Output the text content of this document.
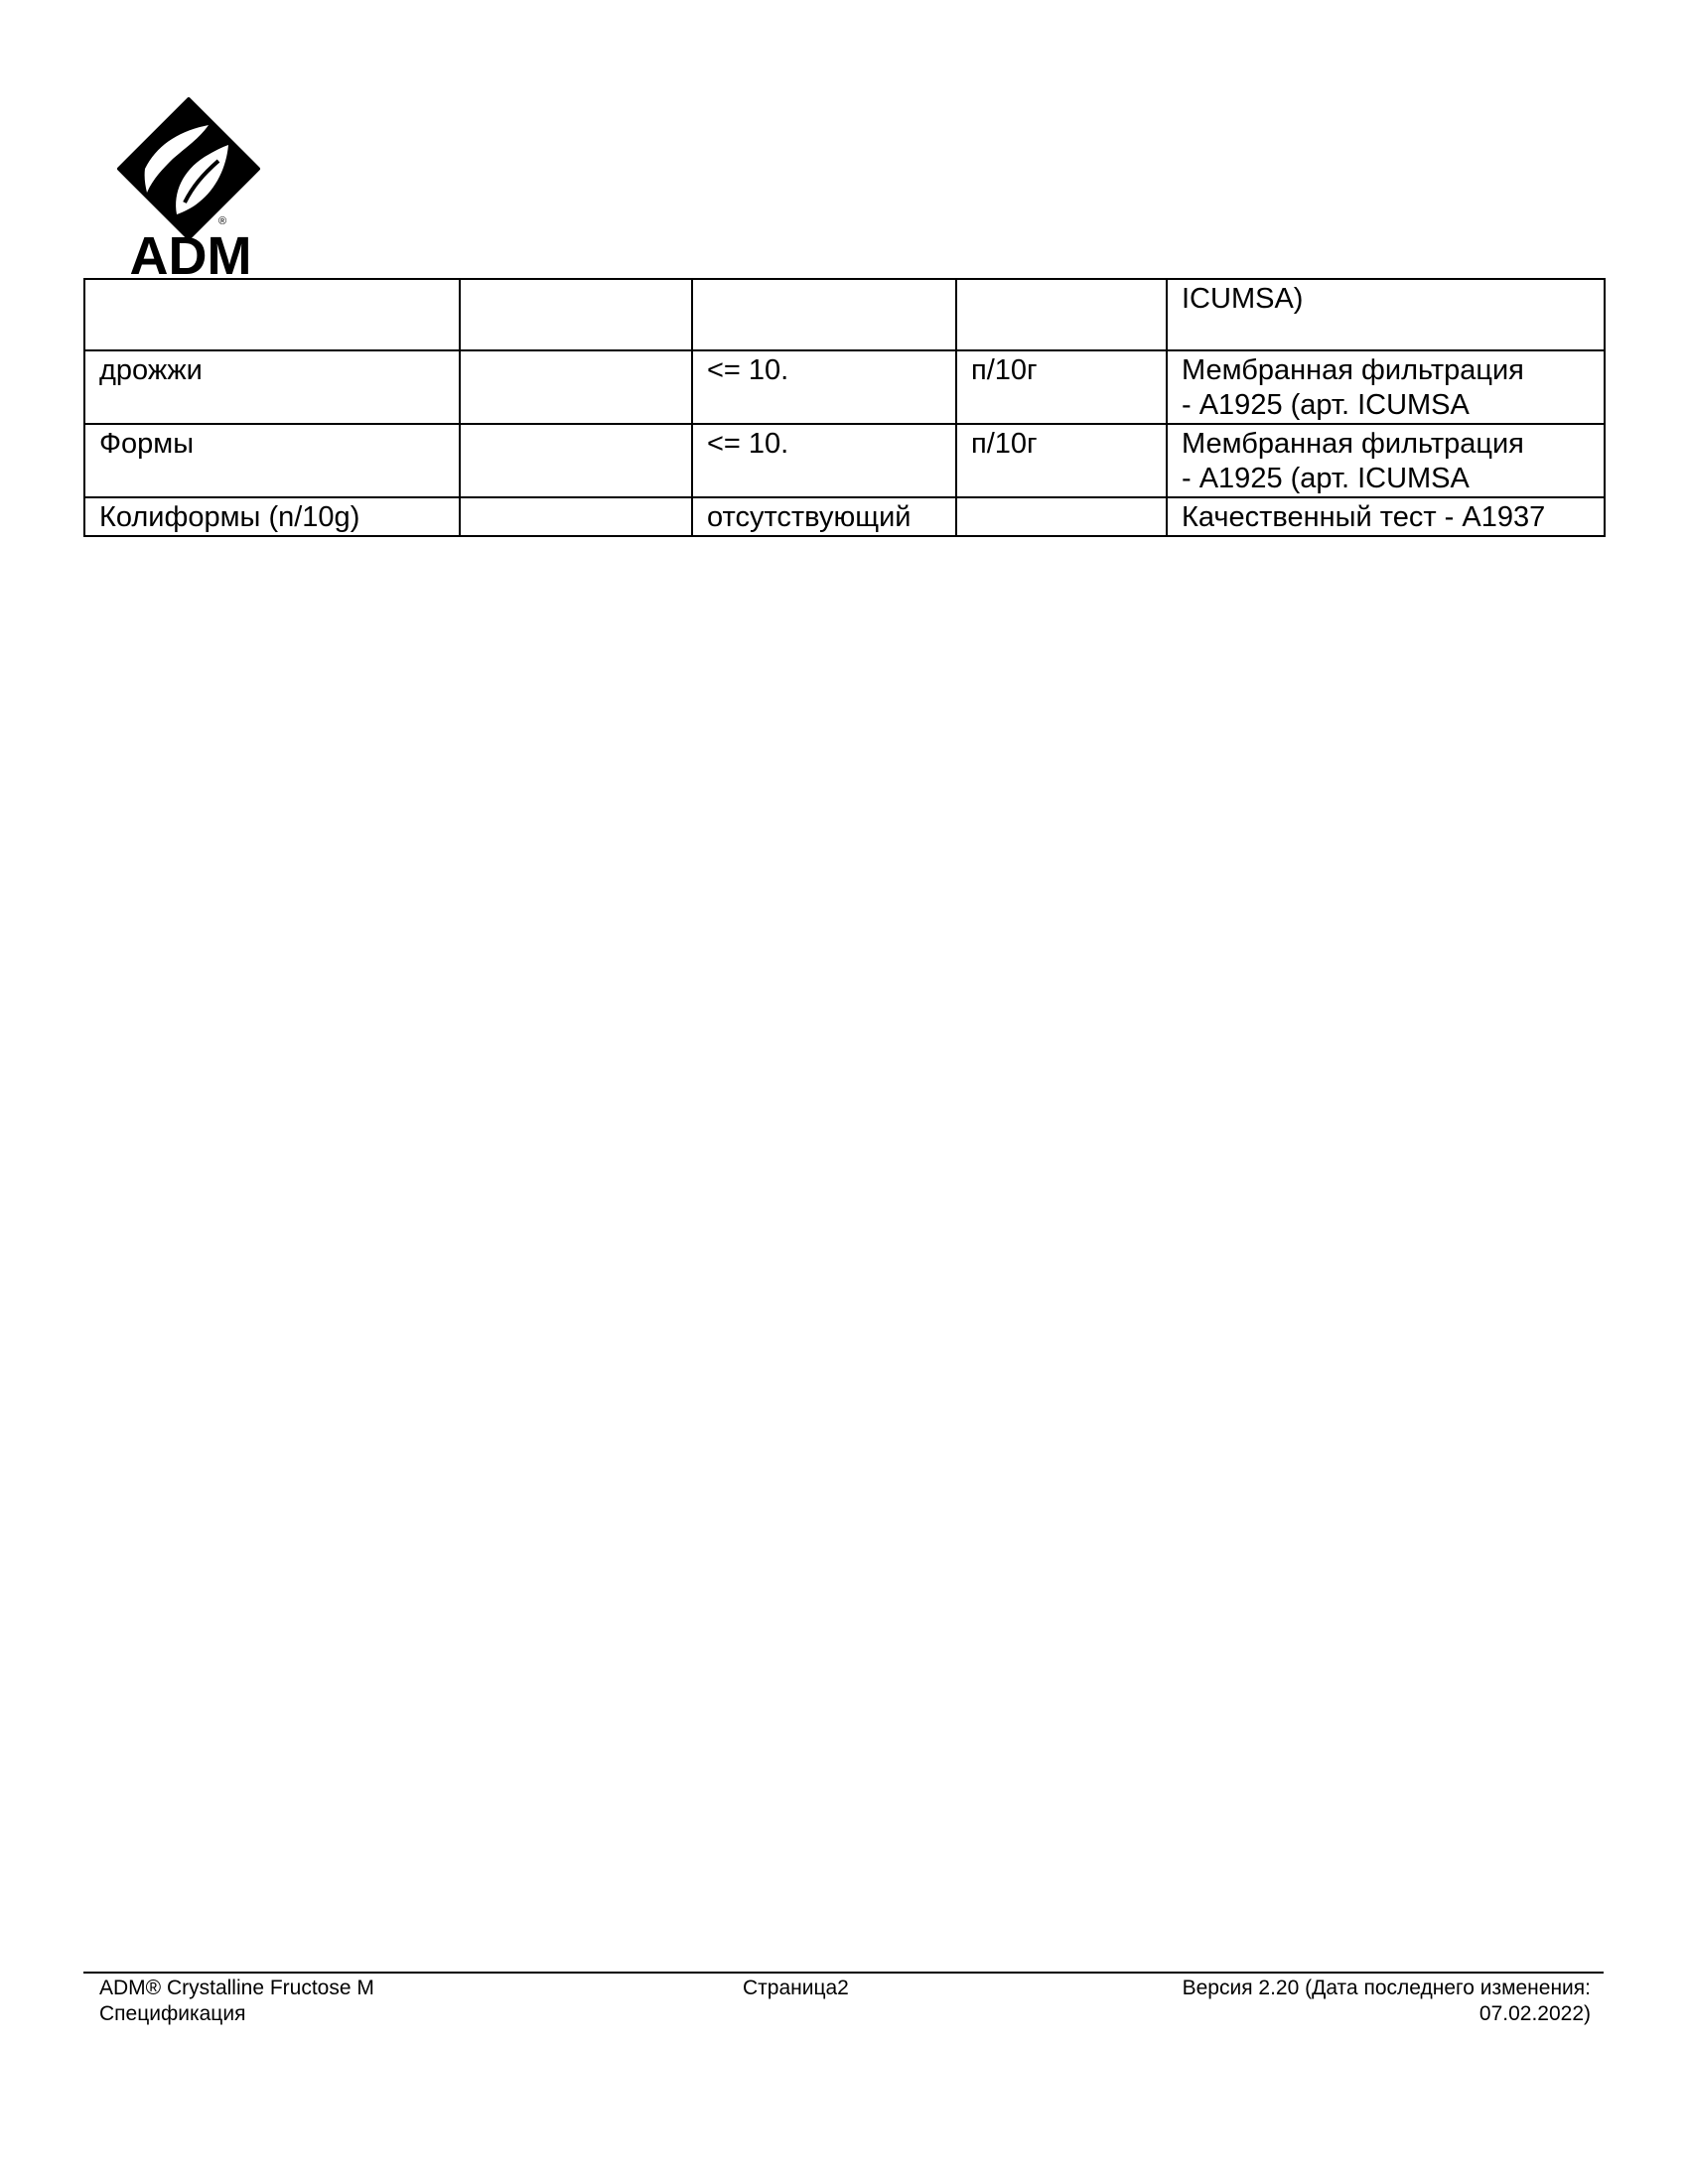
®
ADM
				ICUMSA)
дрожжи		<= 10.	п/10г	Мембранная фильтрация
- A1925 (арт. ICUMSA
Формы		<= 10.	п/10г	Мембранная фильтрация
- A1925 (арт. ICUMSA
Колиформы (n/10g)		отсутствующий		Качественный тест - A1937
ADM® Crystalline Fructose M
Спецификация
Страница2	Версия 2.20 (Дата последнего изменения:
07.02.2022)
